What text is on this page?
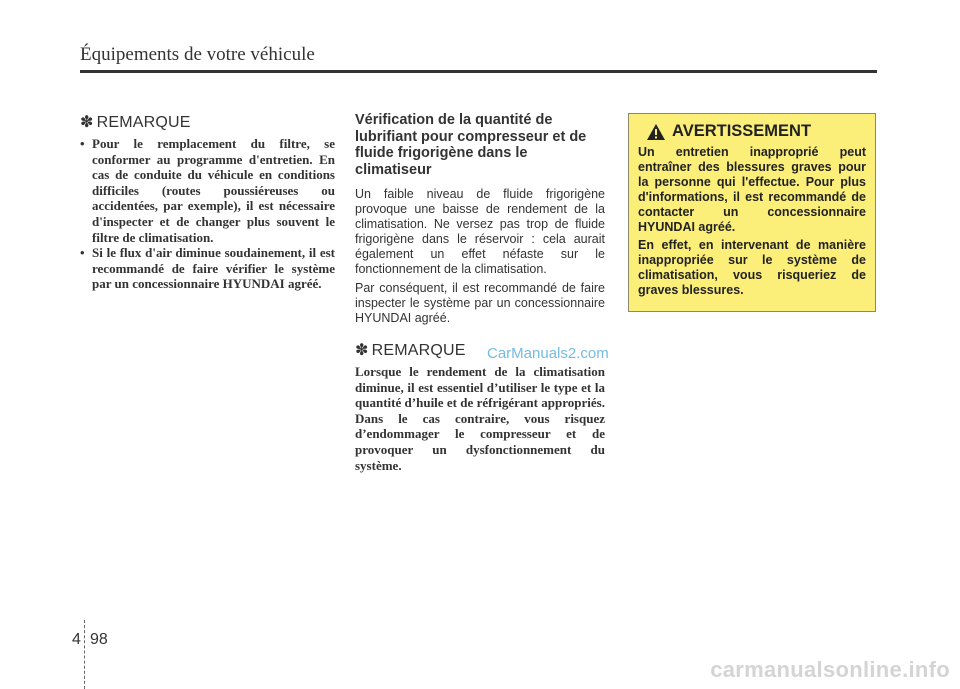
Équipements de votre véhicule
✽ REMARQUE
• Pour le remplacement du filtre, se conformer au programme d'entretien. En cas de conduite du véhicule en conditions difficiles (routes poussiéreuses ou accidentées, par exemple), il est nécessaire d'inspecter et de changer plus souvent le filtre de climatisation.
• Si le flux d'air diminue soudainement, il est recommandé de faire vérifier le système par un concessionnaire HYUNDAI agréé.
Vérification de la quantité de lubrifiant pour compresseur et de fluide frigorigène dans le climatiseur

Un faible niveau de fluide frigorigène provoque une baisse de rendement de la climatisation. Ne versez pas trop de fluide frigorigène dans le réservoir : cela aurait également un effet néfaste sur le fonctionnement de la climatisation.

Par conséquent, il est recommandé de faire inspecter le système par un concessionnaire HYUNDAI agréé.

✽ REMARQUE

Lorsque le rendement de la climatisation diminue, il est essentiel d’utiliser le type et la quantité d’huile et de réfrigérant appropriés. Dans le cas contraire, vous risquez d’endommager le compresseur et de provoquer un dysfonctionnement du système.

AVERTISSEMENT

Un entretien inapproprié peut entraîner des blessures graves pour la personne qui l'effectue. Pour plus d'informations, il est recommandé de contacter un concessionnaire HYUNDAI agréé.

En effet, en intervenant de manière inappropriée sur le système de climatisation, vous risqueriez de graves blessures.

CarManuals2.com
4 98
carmanualsonline.info
